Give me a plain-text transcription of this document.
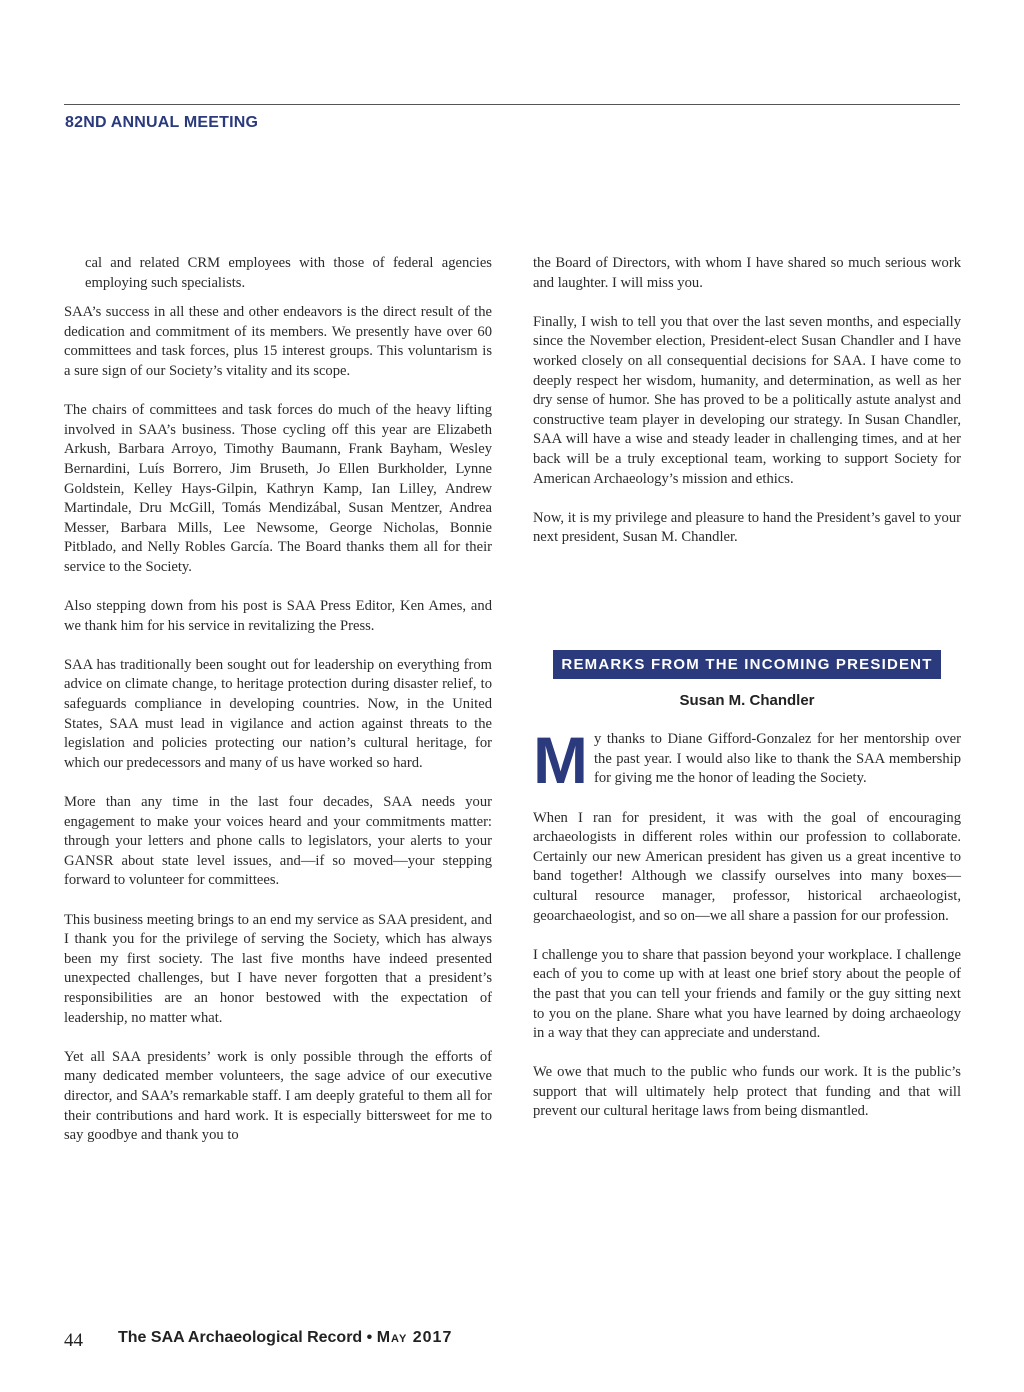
82ND ANNUAL MEETING

cal and related CRM employees with those of federal agencies employing such specialists.

SAA’s success in all these and other endeavors is the direct result of the dedication and commitment of its members. We presently have over 60 committees and task forces, plus 15 interest groups. This voluntarism is a sure sign of our Society’s vitality and its scope.

The chairs of committees and task forces do much of the heavy lifting involved in SAA’s business. Those cycling off this year are Elizabeth Arkush, Barbara Arroyo, Timothy Baumann, Frank Bayham, Wesley Bernardini, Luís Borrero, Jim Bruseth, Jo Ellen Burkholder, Lynne Goldstein, Kelley Hays-Gilpin, Kathryn Kamp, Ian Lilley, Andrew Martindale, Dru McGill, Tomás Mendizábal, Susan Mentzer, Andrea Messer, Barbara Mills, Lee Newsome, George Nicholas, Bonnie Pitblado, and Nelly Robles García. The Board thanks them all for their service to the Society.

Also stepping down from his post is SAA Press Editor, Ken Ames, and we thank him for his service in revitalizing the Press.

SAA has traditionally been sought out for leadership on everything from advice on climate change, to heritage protection during disaster relief, to safeguards compliance in developing countries. Now, in the United States, SAA must lead in vigilance and action against threats to the legislation and policies protecting our nation’s cultural heritage, for which our predecessors and many of us have worked so hard.

More than any time in the last four decades, SAA needs your engagement to make your voices heard and your commitments matter: through your letters and phone calls to legislators, your alerts to your GANSR about state level issues, and—if so moved—your stepping forward to volunteer for committees.

This business meeting brings to an end my service as SAA president, and I thank you for the privilege of serving the Society, which has always been my first society. The last five months have indeed presented unexpected challenges, but I have never forgotten that a president’s responsibilities are an honor bestowed with the expectation of leadership, no matter what.

Yet all SAA presidents’ work is only possible through the efforts of many dedicated member volunteers, the sage advice of our executive director, and SAA’s remarkable staff. I am deeply grateful to them all for their contributions and hard work. It is especially bittersweet for me to say goodbye and thank you to

the Board of Directors, with whom I have shared so much serious work and laughter. I will miss you.

Finally, I wish to tell you that over the last seven months, and especially since the November election, President-elect Susan Chandler and I have worked closely on all consequential decisions for SAA. I have come to deeply respect her wisdom, humanity, and determination, as well as her dry sense of humor. She has proved to be a politically astute analyst and constructive team player in developing our strategy. In Susan Chandler, SAA will have a wise and steady leader in challenging times, and at her back will be a truly exceptional team, working to support Society for American Archaeology’s mission and ethics.

Now, it is my privilege and pleasure to hand the President’s gavel to your next president, Susan M. Chandler.

REMARKS FROM THE INCOMING PRESIDENT
Susan M. Chandler

My thanks to Diane Gifford-Gonzalez for her mentorship over the past year. I would also like to thank the SAA membership for giving me the honor of leading the Society.

When I ran for president, it was with the goal of encouraging archaeologists in different roles within our profession to collaborate. Certainly our new American president has given us a great incentive to band together! Although we classify ourselves into many boxes—cultural resource manager, professor, historical archaeologist, geoarchaeologist, and so on—we all share a passion for our profession.

I challenge you to share that passion beyond your workplace. I challenge each of you to come up with at least one brief story about the people of the past that you can tell your friends and family or the guy sitting next to you on the plane. Share what you have learned by doing archaeology in a way that they can appreciate and understand.

We owe that much to the public who funds our work. It is the public’s support that will ultimately help protect that funding and that will prevent our cultural heritage laws from being dismantled.

44 The SAA Archaeological Record • May 2017
